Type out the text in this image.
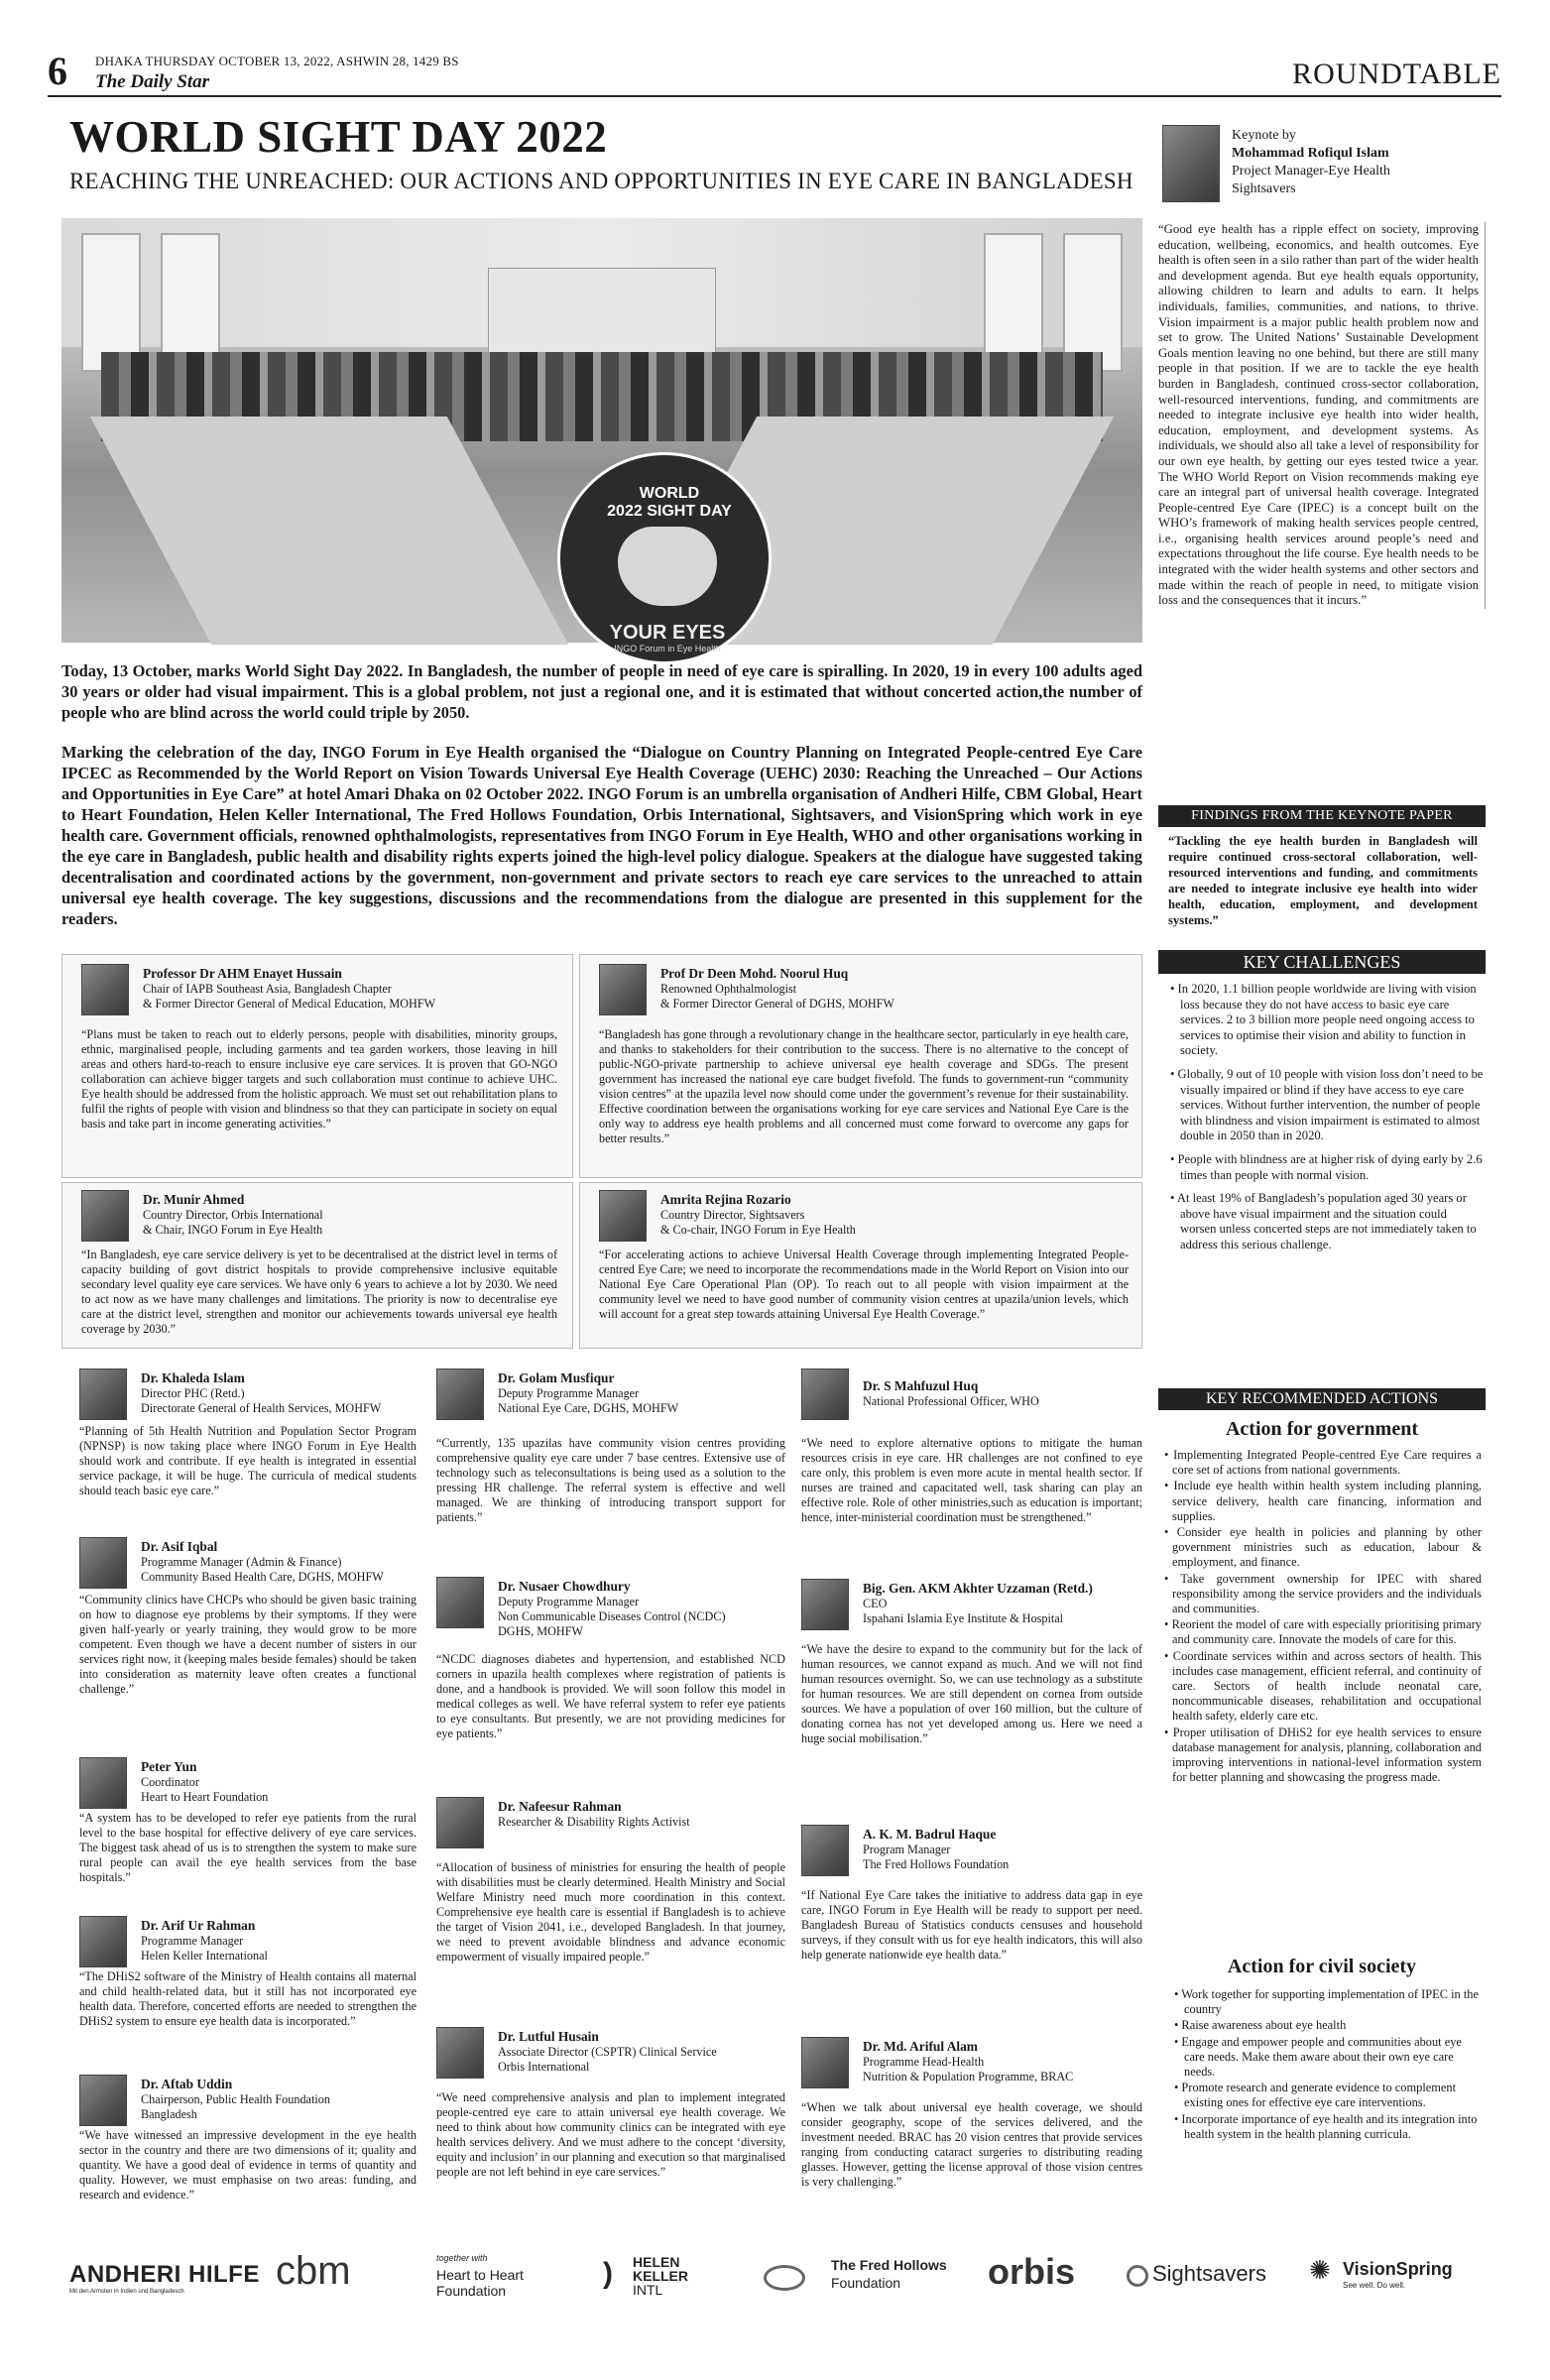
6 DHAKA THURSDAY OCTOBER 13, 2022, ASHWIN 28, 1429 BS
The Daily Star	ROUNDTABLE
WORLD SIGHT DAY 2022
REACHING THE UNREACHED: OUR ACTIONS AND OPPORTUNITIES IN EYE CARE IN BANGLADESH
Keynote by
Mohammad Rofiqul Islam
Project Manager-Eye Health
Sightsavers
WORLD
2022 SIGHT DAY
YOUR EYES
INGO Forum in Eye Health
Today, 13 October, marks World Sight Day 2022. In Bangladesh, the number of people in need of eye care is spiralling. In 2020, 19 in every 100 adults aged 30 years or older had visual impairment. This is a global problem, not just a regional one, and it is estimated that without concerted action,the number of people who are blind across the world could triple by 2050.
Marking the celebration of the day, INGO Forum in Eye Health organised the “Dialogue on Country Planning on Integrated People-centred Eye Care IPCEC as Recommended by the World Report on Vision Towards Universal Eye Health Coverage (UEHC) 2030: Reaching the Unreached – Our Actions and Opportunities in Eye Care” at hotel Amari Dhaka on 02 October 2022. INGO Forum is an umbrella organisation of Andheri Hilfe, CBM Global, Heart to Heart Foundation, Helen Keller International, The Fred Hollows Foundation, Orbis International, Sightsavers, and VisionSpring which work in eye health care. Government officials, renowned ophthalmologists, representatives from INGO Forum in Eye Health, WHO and other organisations working in the eye care in Bangladesh, public health and disability rights experts joined the high-level policy dialogue. Speakers at the dialogue have suggested taking decentralisation and coordinated actions by the government, non-government and private sectors to reach eye care services to the unreached to attain universal eye health coverage. The key suggestions, discussions and the recommendations from the dialogue are presented in this supplement for the readers.
“Good eye health has a ripple effect on society, improving education, wellbeing, economics, and health outcomes. Eye health is often seen in a silo rather than part of the wider health and development agenda. But eye health equals opportunity, allowing children to learn and adults to earn. It helps individuals, families, communities, and nations, to thrive. Vision impairment is a major public health problem now and set to grow. The United Nations’ Sustainable Development Goals mention leaving no one behind, but there are still many people in that position. If we are to tackle the eye health burden in Bangladesh, continued cross-sector collaboration, well-resourced interventions, funding, and commitments are needed to integrate inclusive eye health into wider health, education, employment, and development systems. As individuals, we should also all take a level of responsibility for our own eye health, by getting our eyes tested twice a year. The WHO World Report on Vision recommends making eye care an integral part of universal health coverage. Integrated People-centred Eye Care (IPEC) is a concept built on the WHO’s framework of making health services people centred, i.e., organising health services around people’s need and expectations throughout the life course. Eye health needs to be integrated with the wider health systems and other sectors and made within the reach of people in need, to mitigate vision loss and the consequences that it incurs.”
FINDINGS FROM THE KEYNOTE PAPER
“Tackling the eye health burden in Bangladesh will require continued cross-sectoral collaboration, well-resourced interventions and funding, and commitments are needed to integrate inclusive eye health into wider health, education, employment, and development systems.”
KEY CHALLENGES
• In 2020, 1.1 billion people worldwide are living with vision loss because they do not have access to basic eye care services. 2 to 3 billion more people need ongoing access to services to optimise their vision and ability to function in society.
• Globally, 9 out of 10 people with vision loss don’t need to be visually impaired or blind if they have access to eye care services. Without further intervention, the number of people with blindness and vision impairment is estimated to almost double in 2050 than in 2020.
• People with blindness are at higher risk of dying early by 2.6 times than people with normal vision.
• At least 19% of Bangladesh’s population aged 30 years or above have visual impairment and the situation could worsen unless concerted steps are not immediately taken to address this serious challenge.
KEY RECOMMENDED ACTIONS
Action for government
• Implementing Integrated People-centred Eye Care requires a core set of actions from national governments.
• Include eye health within health system including planning, service delivery, health care financing, information and supplies.
• Consider eye health in policies and planning by other government ministries such as education, labour & employment, and finance.
• Take government ownership for IPEC with shared responsibility among the service providers and the individuals and communities.
• Reorient the model of care with especially prioritising primary and community care. Innovate the models of care for this.
• Coordinate services within and across sectors of health. This includes case management, efficient referral, and continuity of care. Sectors of health include neonatal care, noncommunicable diseases, rehabilitation and occupational health safety, elderly care etc.
• Proper utilisation of DHiS2 for eye health services to ensure database management for analysis, planning, collaboration and improving interventions in national-level information system for better planning and showcasing the progress made.
Action for civil society
• Work together for supporting implementation of IPEC in the country
• Raise awareness about eye health
• Engage and empower people and communities about eye care needs. Make them aware about their own eye care needs.
• Promote research and generate evidence to complement existing ones for effective eye care interventions.
• Incorporate importance of eye health and its integration into health system in the health planning curricula.
Professor Dr AHM Enayet Hussain
Chair of IAPB Southeast Asia, Bangladesh Chapter
& Former Director General of Medical Education, MOHFW
“Plans must be taken to reach out to elderly persons, people with disabilities, minority groups, ethnic, marginalised people, including garments and tea garden workers, those leaving in hill areas and others hard-to-reach to ensure inclusive eye care services. It is proven that GO-NGO collaboration can achieve bigger targets and such collaboration must continue to achieve UHC. Eye health should be addressed from the holistic approach. We must set out rehabilitation plans to fulfil the rights of people with vision and blindness so that they can participate in society on equal basis and take part in income generating activities.”
Prof Dr Deen Mohd. Noorul Huq
Renowned Ophthalmologist
& Former Director General of DGHS, MOHFW
“Bangladesh has gone through a revolutionary change in the healthcare sector, particularly in eye health care, and thanks to stakeholders for their contribution to the success. There is no alternative to the concept of public-NGO-private partnership to achieve universal eye health coverage and SDGs. The present government has increased the national eye care budget fivefold. The funds to government-run “community vision centres” at the upazila level now should come under the government’s revenue for their sustainability. Effective coordination between the organisations working for eye care services and National Eye Care is the only way to address eye health problems and all concerned must come forward to overcome any gaps for better results.”
Dr. Munir Ahmed
Country Director, Orbis International
& Chair, INGO Forum in Eye Health
“In Bangladesh, eye care service delivery is yet to be decentralised at the district level in terms of capacity building of govt district hospitals to provide comprehensive inclusive equitable secondary level quality eye care services. We have only 6 years to achieve a lot by 2030. We need to act now as we have many challenges and limitations. The priority is now to decentralise eye care at the district level, strengthen and monitor our achievements towards universal eye health coverage by 2030.”
Amrita Rejina Rozario
Country Director, Sightsavers
& Co-chair, INGO Forum in Eye Health
“For accelerating actions to achieve Universal Health Coverage through implementing Integrated People-centred Eye Care; we need to incorporate the recommendations made in the World Report on Vision into our National Eye Care Operational Plan (OP). To reach out to all people with vision impairment at the community level we need to have good number of community vision centres at upazila/union levels, which will account for a great step towards attaining Universal Eye Health Coverage.”
Dr. Khaleda Islam
Director PHC (Retd.)
Directorate General of Health Services, MOHFW
“Planning of 5th Health Nutrition and Population Sector Program (NPNSP) is now taking place where INGO Forum in Eye Health should work and contribute. If eye health is integrated in essential service package, it will be huge. The curricula of medical students should teach basic eye care.”
Dr. Golam Musfiqur
Deputy Programme Manager
National Eye Care, DGHS, MOHFW
“Currently, 135 upazilas have community vision centres providing comprehensive quality eye care under 7 base centres. Extensive use of technology such as teleconsultations is being used as a solution to the pressing HR challenge. The referral system is effective and well managed. We are thinking of introducing transport support for patients.”
Dr. S Mahfuzul Huq
National Professional Officer, WHO
“We need to explore alternative options to mitigate the human resources crisis in eye care. HR challenges are not confined to eye care only, this problem is even more acute in mental health sector. If nurses are trained and capacitated well, task sharing can play an effective role. Role of other ministries,such as education is important; hence, inter-ministerial coordination must be strengthened.”
Dr. Asif Iqbal
Programme Manager (Admin & Finance)
Community Based Health Care, DGHS, MOHFW
“Community clinics have CHCPs who should be given basic training on how to diagnose eye problems by their symptoms. If they were given half-yearly or yearly training, they would grow to be more competent. Even though we have a decent number of sisters in our services right now, it (keeping males beside females) should be taken into consideration as maternity leave often creates a functional challenge.”
Dr. Nusaer Chowdhury
Deputy Programme Manager
Non Communicable Diseases Control (NCDC)
DGHS, MOHFW
“NCDC diagnoses diabetes and hypertension, and established NCD corners in upazila health complexes where registration of patients is done, and a handbook is provided. We will soon follow this model in medical colleges as well. We have referral system to refer eye patients to eye consultants. But presently, we are not providing medicines for eye patients.”
Big. Gen. AKM Akhter Uzzaman (Retd.)
CEO
Ispahani Islamia Eye Institute & Hospital
“We have the desire to expand to the community but for the lack of human resources, we cannot expand as much. And we will not find human resources overnight. So, we can use technology as a substitute for human resources. We are still dependent on cornea from outside sources. We have a population of over 160 million, but the culture of donating cornea has not yet developed among us. Here we need a huge social mobilisation.”
Peter Yun
Coordinator
Heart to Heart Foundation
“A system has to be developed to refer eye patients from the rural level to the base hospital for effective delivery of eye care services. The biggest task ahead of us is to strengthen the system to make sure rural people can avail the eye health services from the base hospitals.”
Dr. Nafeesur Rahman
Researcher & Disability Rights Activist
“Allocation of business of ministries for ensuring the health of people with disabilities must be clearly determined. Health Ministry and Social Welfare Ministry need much more coordination in this context. Comprehensive eye health care is essential if Bangladesh is to achieve the target of Vision 2041, i.e., developed Bangladesh. In that journey, we need to prevent avoidable blindness and advance economic empowerment of visually impaired people.”
A. K. M. Badrul Haque
Program Manager
The Fred Hollows Foundation
“If National Eye Care takes the initiative to address data gap in eye care, INGO Forum in Eye Health will be ready to support per need. Bangladesh Bureau of Statistics conducts censuses and household surveys, if they consult with us for eye health indicators, this will also help generate nationwide eye health data.”
Dr. Arif Ur Rahman
Programme Manager
Helen Keller International
“The DHiS2 software of the Ministry of Health contains all maternal and child health-related data, but it still has not incorporated eye health data. Therefore, concerted efforts are needed to strengthen the DHiS2 system to ensure eye health data is incorporated.”
Dr. Lutful Husain
Associate Director (CSPTR) Clinical Service
Orbis International
“We need comprehensive analysis and plan to implement integrated people-centred eye care to attain universal eye health coverage. We need to think about how community clinics can be integrated with eye health services delivery. And we must adhere to the concept ‘diversity, equity and inclusion’ in our planning and execution so that marginalised people are not left behind in eye care services.”
Dr. Md. Ariful Alam
Programme Head-Health
Nutrition & Population Programme, BRAC
“When we talk about universal eye health coverage, we should consider geography, scope of the services delivered, and the investment needed. BRAC has 20 vision centres that provide services ranging from conducting cataract surgeries to distributing reading glasses. However, getting the license approval of those vision centres is very challenging.”
Dr. Aftab Uddin
Chairperson, Public Health Foundation
Bangladesh
“We have witnessed an impressive development in the eye health sector in the country and there are two dimensions of it; quality and quantity. We have a good deal of evidence in terms of quantity and quality. However, we must emphasise on two areas: funding, and research and evidence.”
ANDHERI HILFE
Mit den Armsten in Indien und Bangladesch cbm	together with
Heart to Heart
Foundation
) HELEN
KELLER
INTL
The Fred Hollows
Foundation orbis	Sightsavers ✺ VisionSpring
See well. Do well.
